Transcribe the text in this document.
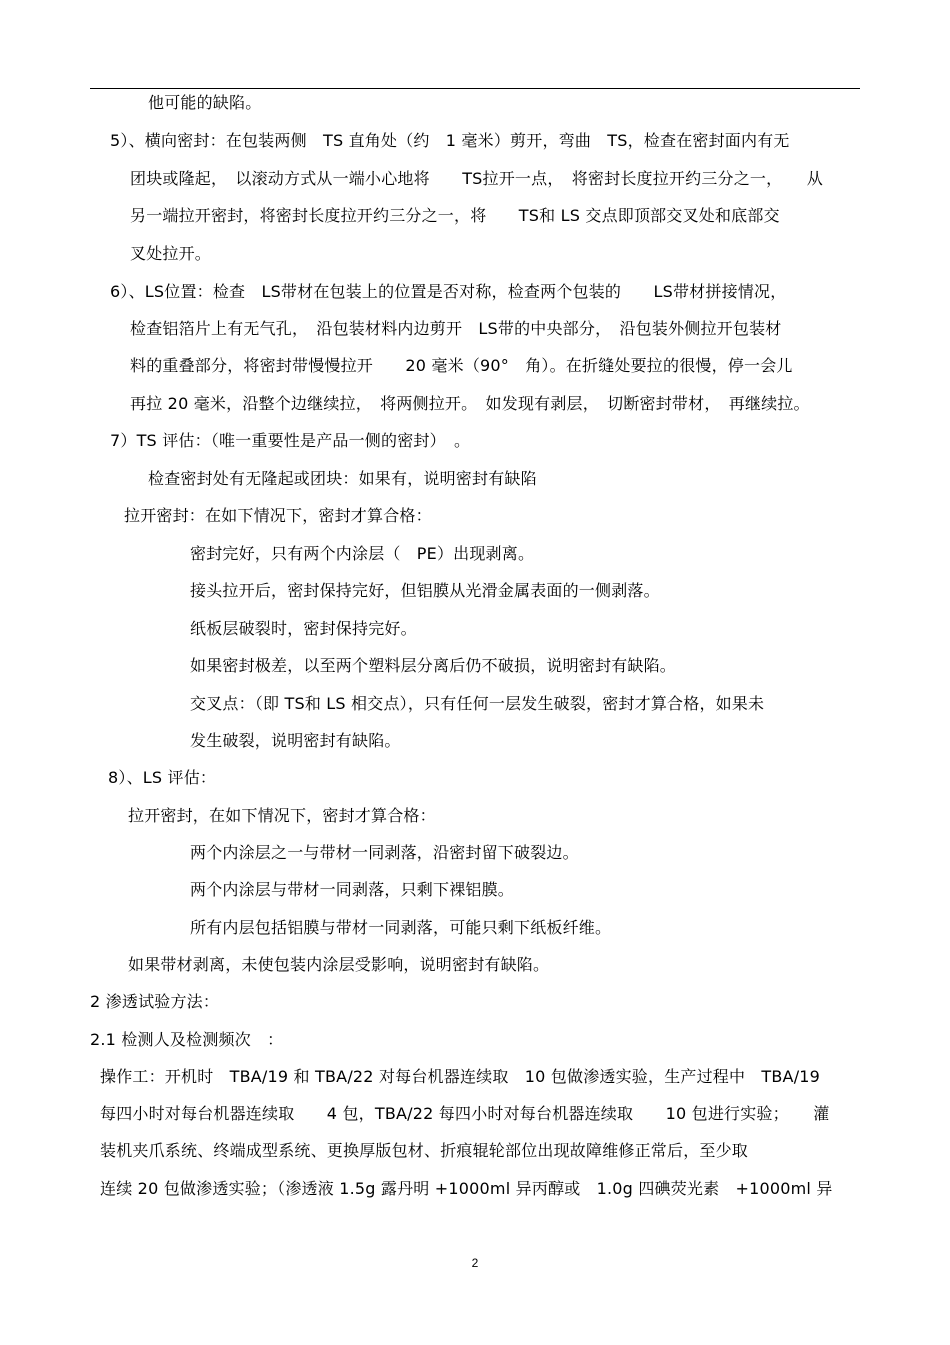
他可能的缺陷。
5）、横向密封：在包装两侧　TS 直角处（约　1 毫米）剪开，弯曲　TS，检查在密封面内有无
团块或隆起，　以滚动方式从一端小心地将　　TS拉开一点，　将密封长度拉开约三分之一，　　从
另一端拉开密封，将密封长度拉开约三分之一，将　　TS和 LS 交点即顶部交叉处和底部交
叉处拉开。
6）、LS位置：检查　LS带材在包装上的位置是否对称，检查两个包装的　　LS带材拼接情况，
检查铝箔片上有无气孔，　沿包装材料内边剪开　LS带的中央部分，　沿包装外侧拉开包装材
料的重叠部分，将密封带慢慢拉开　　20 毫米（90°　角）。在折缝处要拉的很慢，停一会儿
再拉 20 毫米，沿整个边继续拉，　将两侧拉开。　如发现有剥层，　切断密封带材，　再继续拉。
7）TS 评估：（唯一重要性是产品一侧的密封）　。
检查密封处有无隆起或团块：如果有，说明密封有缺陷
拉开密封：在如下情况下，密封才算合格：
密封完好，只有两个内涂层（　PE）出现剥离。
接头拉开后，密封保持完好，但铝膜从光滑金属表面的一侧剥落。
纸板层破裂时，密封保持完好。
如果密封极差，以至两个塑料层分离后仍不破损，说明密封有缺陷。
交叉点：（即 TS和 LS 相交点），只有任何一层发生破裂，密封才算合格，如果未
发生破裂，说明密封有缺陷。
8）、LS 评估：
拉开密封，在如下情况下，密封才算合格：
两个内涂层之一与带材一同剥落，沿密封留下破裂边。
两个内涂层与带材一同剥落，只剩下裸铝膜。
所有内层包括铝膜与带材一同剥落，可能只剩下纸板纤维。
如果带材剥离，未使包装内涂层受影响，说明密封有缺陷。
2 渗透试验方法：
2.1 检测人及检测频次　：
操作工：开机时　TBA/19 和 TBA/22 对每台机器连续取　10 包做渗透实验，生产过程中　TBA/19
每四小时对每台机器连续取　　4 包，TBA/22 每四小时对每台机器连续取　　10 包进行实验；　　灌
装机夹爪系统、终端成型系统、更换厚版包材、折痕辊轮部位出现故障维修正常后，至少取
连续 20 包做渗透实验；（渗透液 1.5g 露丹明 +1000ml 异丙醇或　1.0g 四碘荧光素　+1000ml 异
2
